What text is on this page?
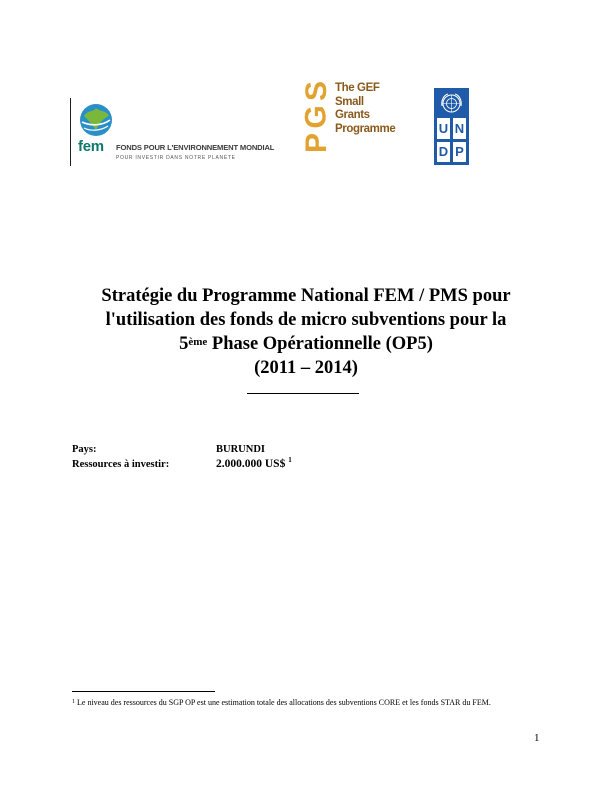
fem FONDS POUR L'ENVIRONNEMENT MONDIAL
POUR INVESTIR DANS NOTRE PLANÈTE
S
G
P
The GEF
Small Grants
Programme	U N
D P
Stratégie du Programme National FEM / PMS pour
l'utilisation des fonds de micro subventions pour la
5ème Phase Opérationnelle (OP5)
(2011 – 2014)
Pays:	BURUNDI
Ressources à investir:	2.000.000 US$ $^1$
$^1$ Le niveau des ressources du SGP OP est une estimation totale des allocations des subventions CORE et les fonds STAR du FEM.
1
